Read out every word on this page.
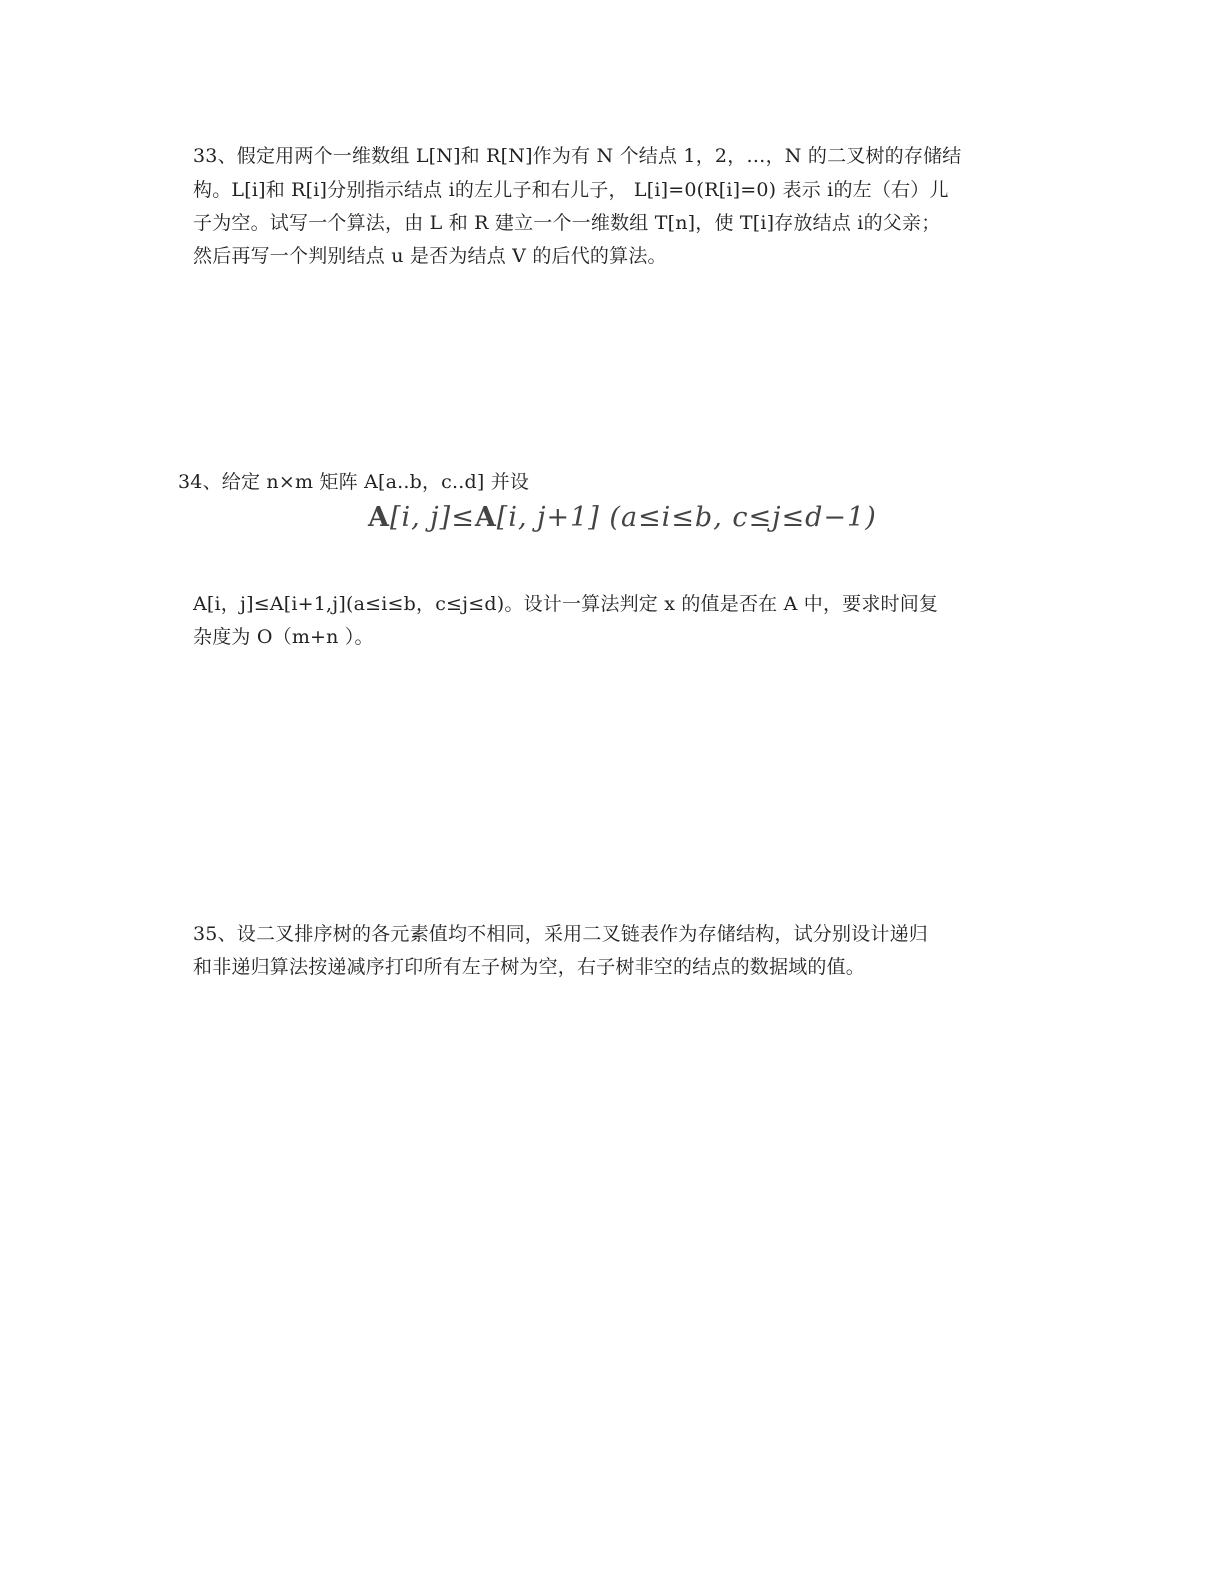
33、假定用两个一维数组 L[N]和 R[N]作为有 N 个结点 1，2，…，N 的二叉树的存储结
构。L[i]和 R[i]分别指示结点 i的左儿子和右儿子， L[i]=0(R[i]=0) 表示 i的左（右）儿
子为空。试写一个算法，由 L 和 R 建立一个一维数组 T[n]，使 T[i]存放结点 i的父亲；
然后再写一个判别结点 u 是否为结点 V 的后代的算法。
34、给定 n×m 矩阵 A[a..b，c..d] 并设
A[i, j]≤A[i, j+1] (a≤i≤b, c≤j≤d−1)
A[i，j]≤A[i+1,j](a≤i≤b，c≤j≤d)。设计一算法判定 x 的值是否在 A 中，要求时间复
杂度为 O（m+n ）。
35、设二叉排序树的各元素值均不相同，采用二叉链表作为存储结构，试分别设计递归
和非递归算法按递减序打印所有左子树为空，右子树非空的结点的数据域的值。
